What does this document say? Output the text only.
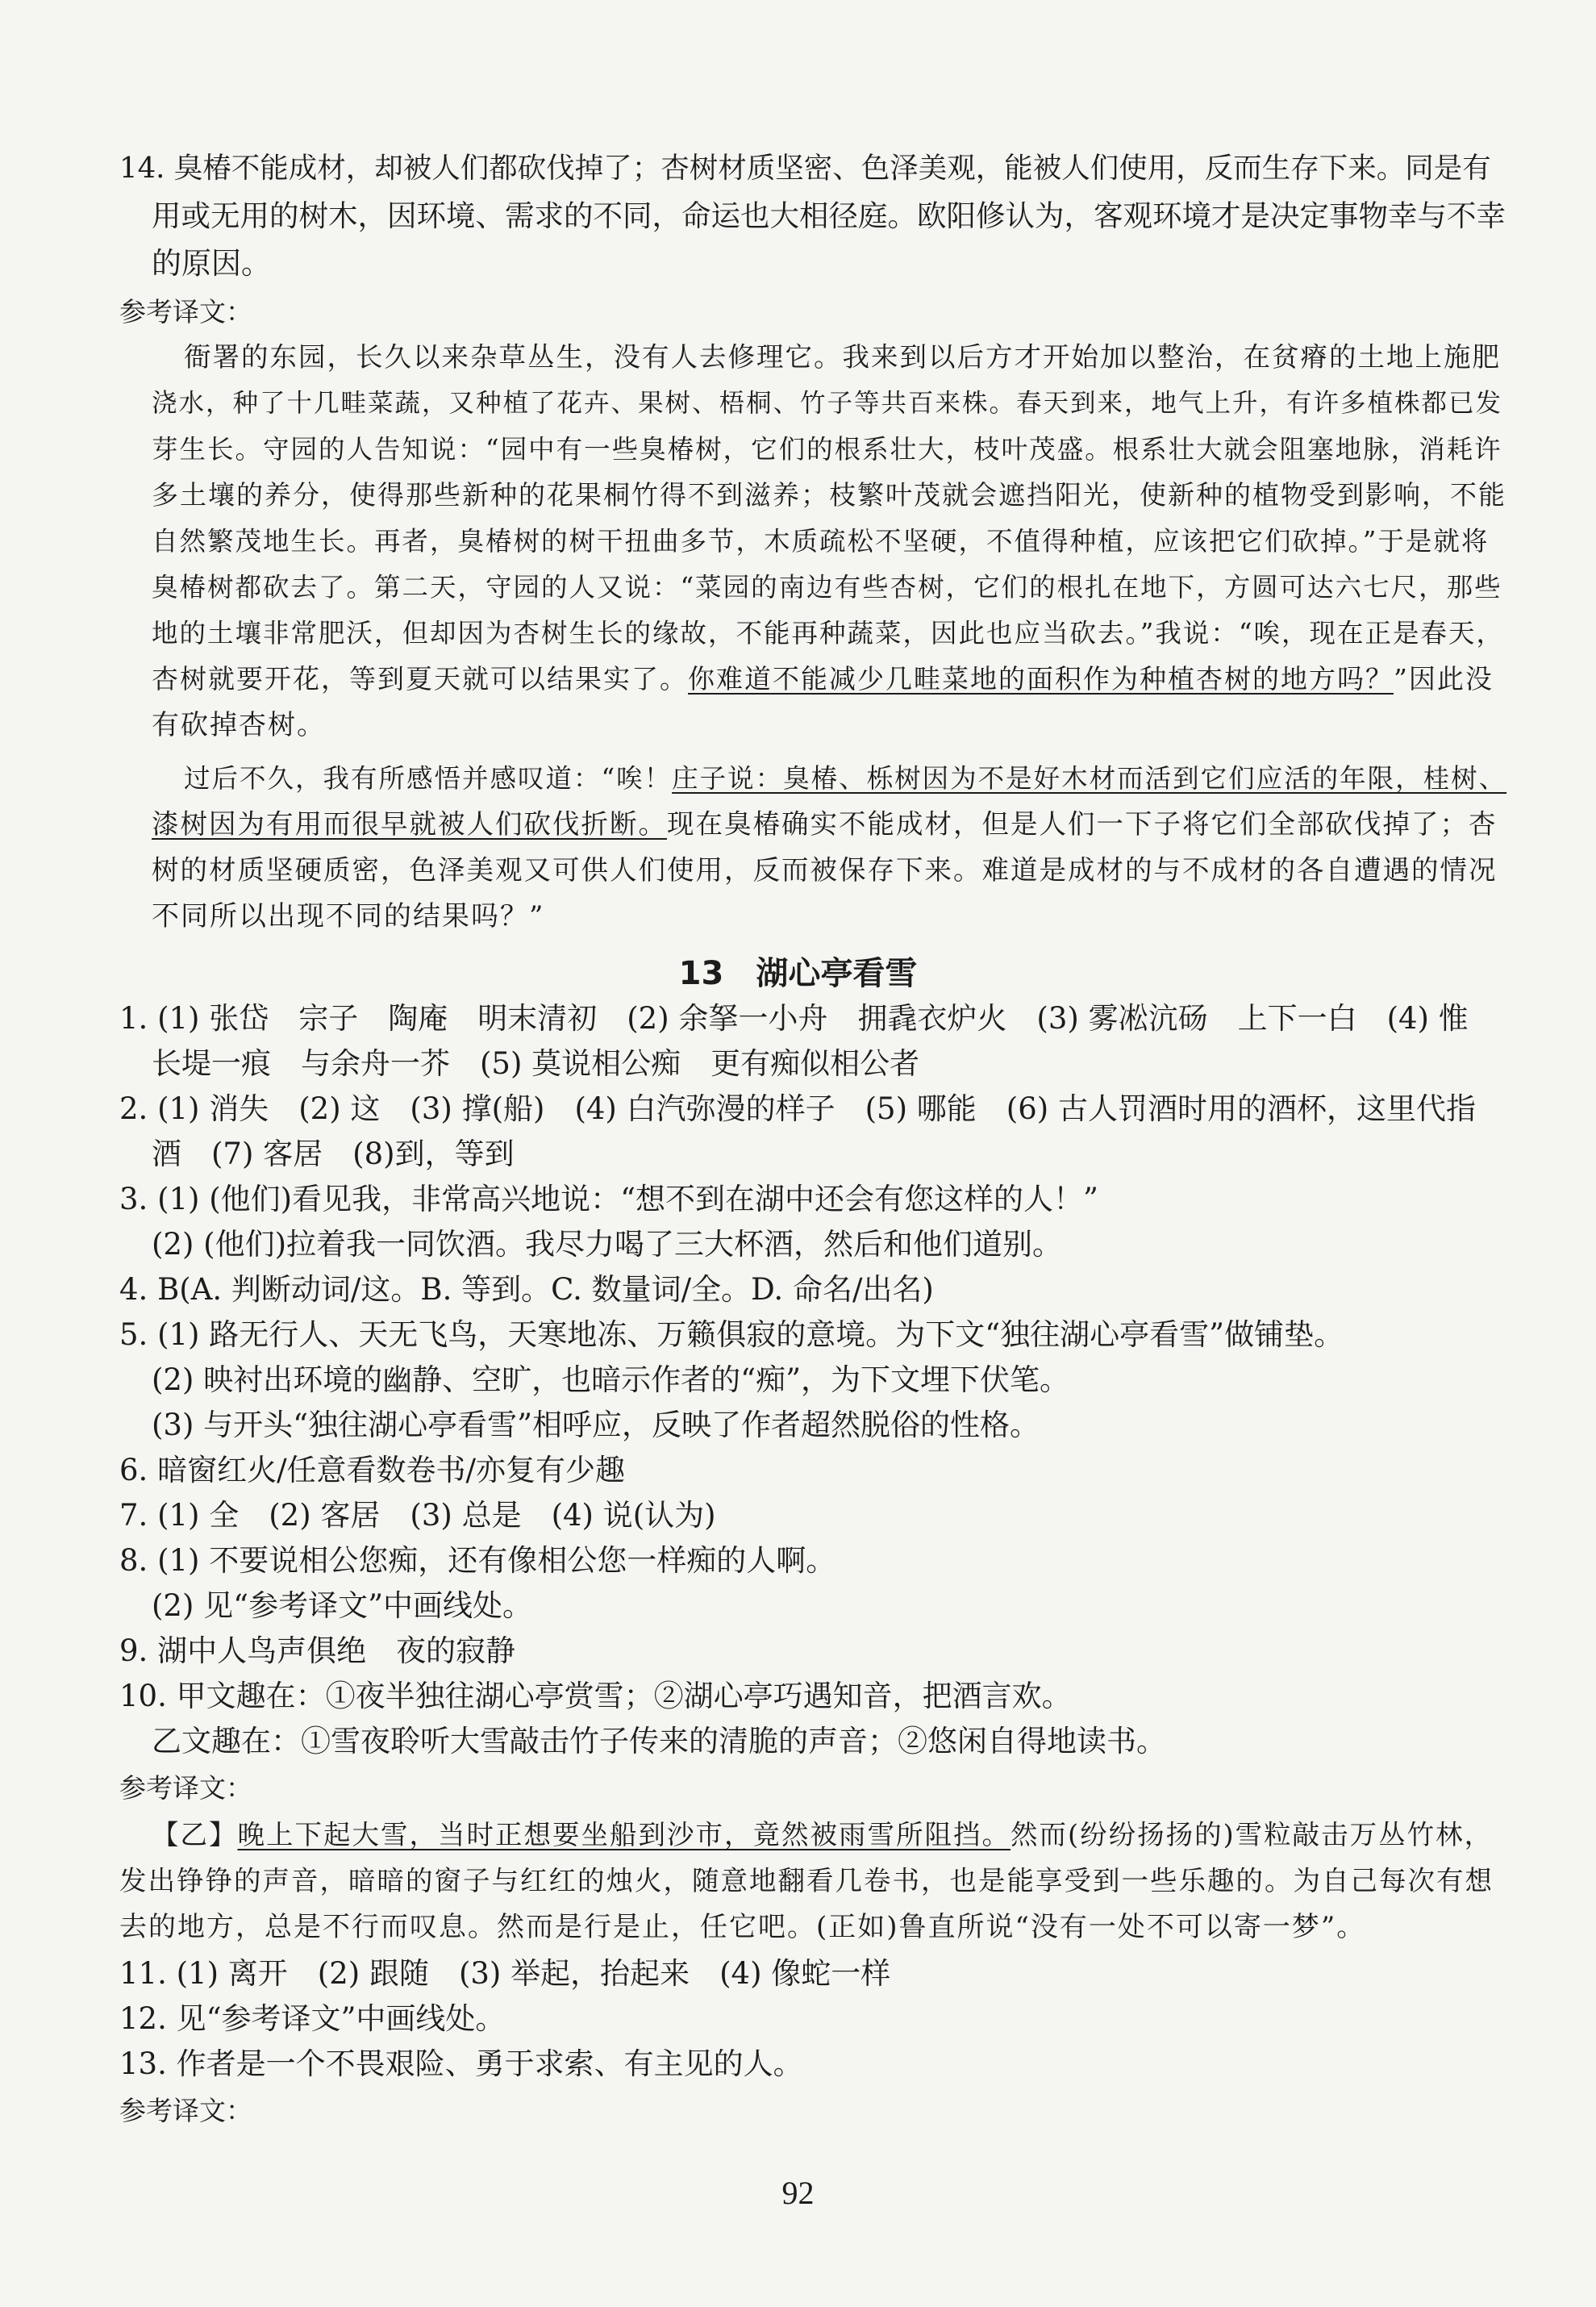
14. 臭椿不能成材，却被人们都砍伐掉了；杏树材质坚密、色泽美观，能被人们使用，反而生存下来。同是有
用或无用的树木，因环境、需求的不同，命运也大相径庭。欧阳修认为，客观环境才是决定事物幸与不幸
的原因。
参考译文：
衙署的东园，长久以来杂草丛生，没有人去修理它。我来到以后方才开始加以整治，在贫瘠的土地上施肥
浇水，种了十几畦菜蔬，又种植了花卉、果树、梧桐、竹子等共百来株。春天到来，地气上升，有许多植株都已发
芽生长。守园的人告知说：“园中有一些臭椿树，它们的根系壮大，枝叶茂盛。根系壮大就会阻塞地脉，消耗许
多土壤的养分，使得那些新种的花果桐竹得不到滋养；枝繁叶茂就会遮挡阳光，使新种的植物受到影响，不能
自然繁茂地生长。再者，臭椿树的树干扭曲多节，木质疏松不坚硬，不值得种植，应该把它们砍掉。”于是就将
臭椿树都砍去了。第二天，守园的人又说：“菜园的南边有些杏树，它们的根扎在地下，方圆可达六七尺，那些
地的土壤非常肥沃，但却因为杏树生长的缘故，不能再种蔬菜，因此也应当砍去。”我说：“唉，现在正是春天，
杏树就要开花，等到夏天就可以结果实了。你难道不能减少几畦菜地的面积作为种植杏树的地方吗？”因此没
有砍掉杏树。
过后不久，我有所感悟并感叹道：“唉！庄子说：臭椿、栎树因为不是好木材而活到它们应活的年限，桂树、
漆树因为有用而很早就被人们砍伐折断。现在臭椿确实不能成材，但是人们一下子将它们全部砍伐掉了；杏
树的材质坚硬质密，色泽美观又可供人们使用，反而被保存下来。难道是成材的与不成材的各自遭遇的情况
不同所以出现不同的结果吗？”
13　湖心亭看雪
1. (1) 张岱　宗子　陶庵　明末清初　(2) 余拏一小舟　拥毳衣炉火　(3) 雾凇沆砀　上下一白　(4) 惟
长堤一痕　与余舟一芥　(5) 莫说相公痴　更有痴似相公者
2. (1) 消失　(2) 这　(3) 撑(船)　(4) 白汽弥漫的样子　(5) 哪能　(6) 古人罚酒时用的酒杯，这里代指
酒　(7) 客居　(8)到，等到
3. (1) (他们)看见我，非常高兴地说：“想不到在湖中还会有您这样的人！”
(2) (他们)拉着我一同饮酒。我尽力喝了三大杯酒，然后和他们道别。
4. B(A. 判断动词/这。B. 等到。C. 数量词/全。D. 命名/出名)
5. (1) 路无行人、天无飞鸟，天寒地冻、万籁俱寂的意境。为下文“独往湖心亭看雪”做铺垫。
(2) 映衬出环境的幽静、空旷，也暗示作者的“痴”，为下文埋下伏笔。
(3) 与开头“独往湖心亭看雪”相呼应，反映了作者超然脱俗的性格。
6. 暗窗红火/任意看数卷书/亦复有少趣
7. (1) 全　(2) 客居　(3) 总是　(4) 说(认为)
8. (1) 不要说相公您痴，还有像相公您一样痴的人啊。
(2) 见“参考译文”中画线处。
9. 湖中人鸟声俱绝　夜的寂静
10. 甲文趣在：①夜半独往湖心亭赏雪；②湖心亭巧遇知音，把酒言欢。
乙文趣在：①雪夜聆听大雪敲击竹子传来的清脆的声音；②悠闲自得地读书。
参考译文：
【乙】晚上下起大雪，当时正想要坐船到沙市，竟然被雨雪所阻挡。然而(纷纷扬扬的)雪粒敲击万丛竹林，
发出铮铮的声音，暗暗的窗子与红红的烛火，随意地翻看几卷书，也是能享受到一些乐趣的。为自己每次有想
去的地方，总是不行而叹息。然而是行是止，任它吧。(正如)鲁直所说“没有一处不可以寄一梦”。
11. (1) 离开　(2) 跟随　(3) 举起，抬起来　(4) 像蛇一样
12. 见“参考译文”中画线处。
13. 作者是一个不畏艰险、勇于求索、有主见的人。
参考译文：
92
